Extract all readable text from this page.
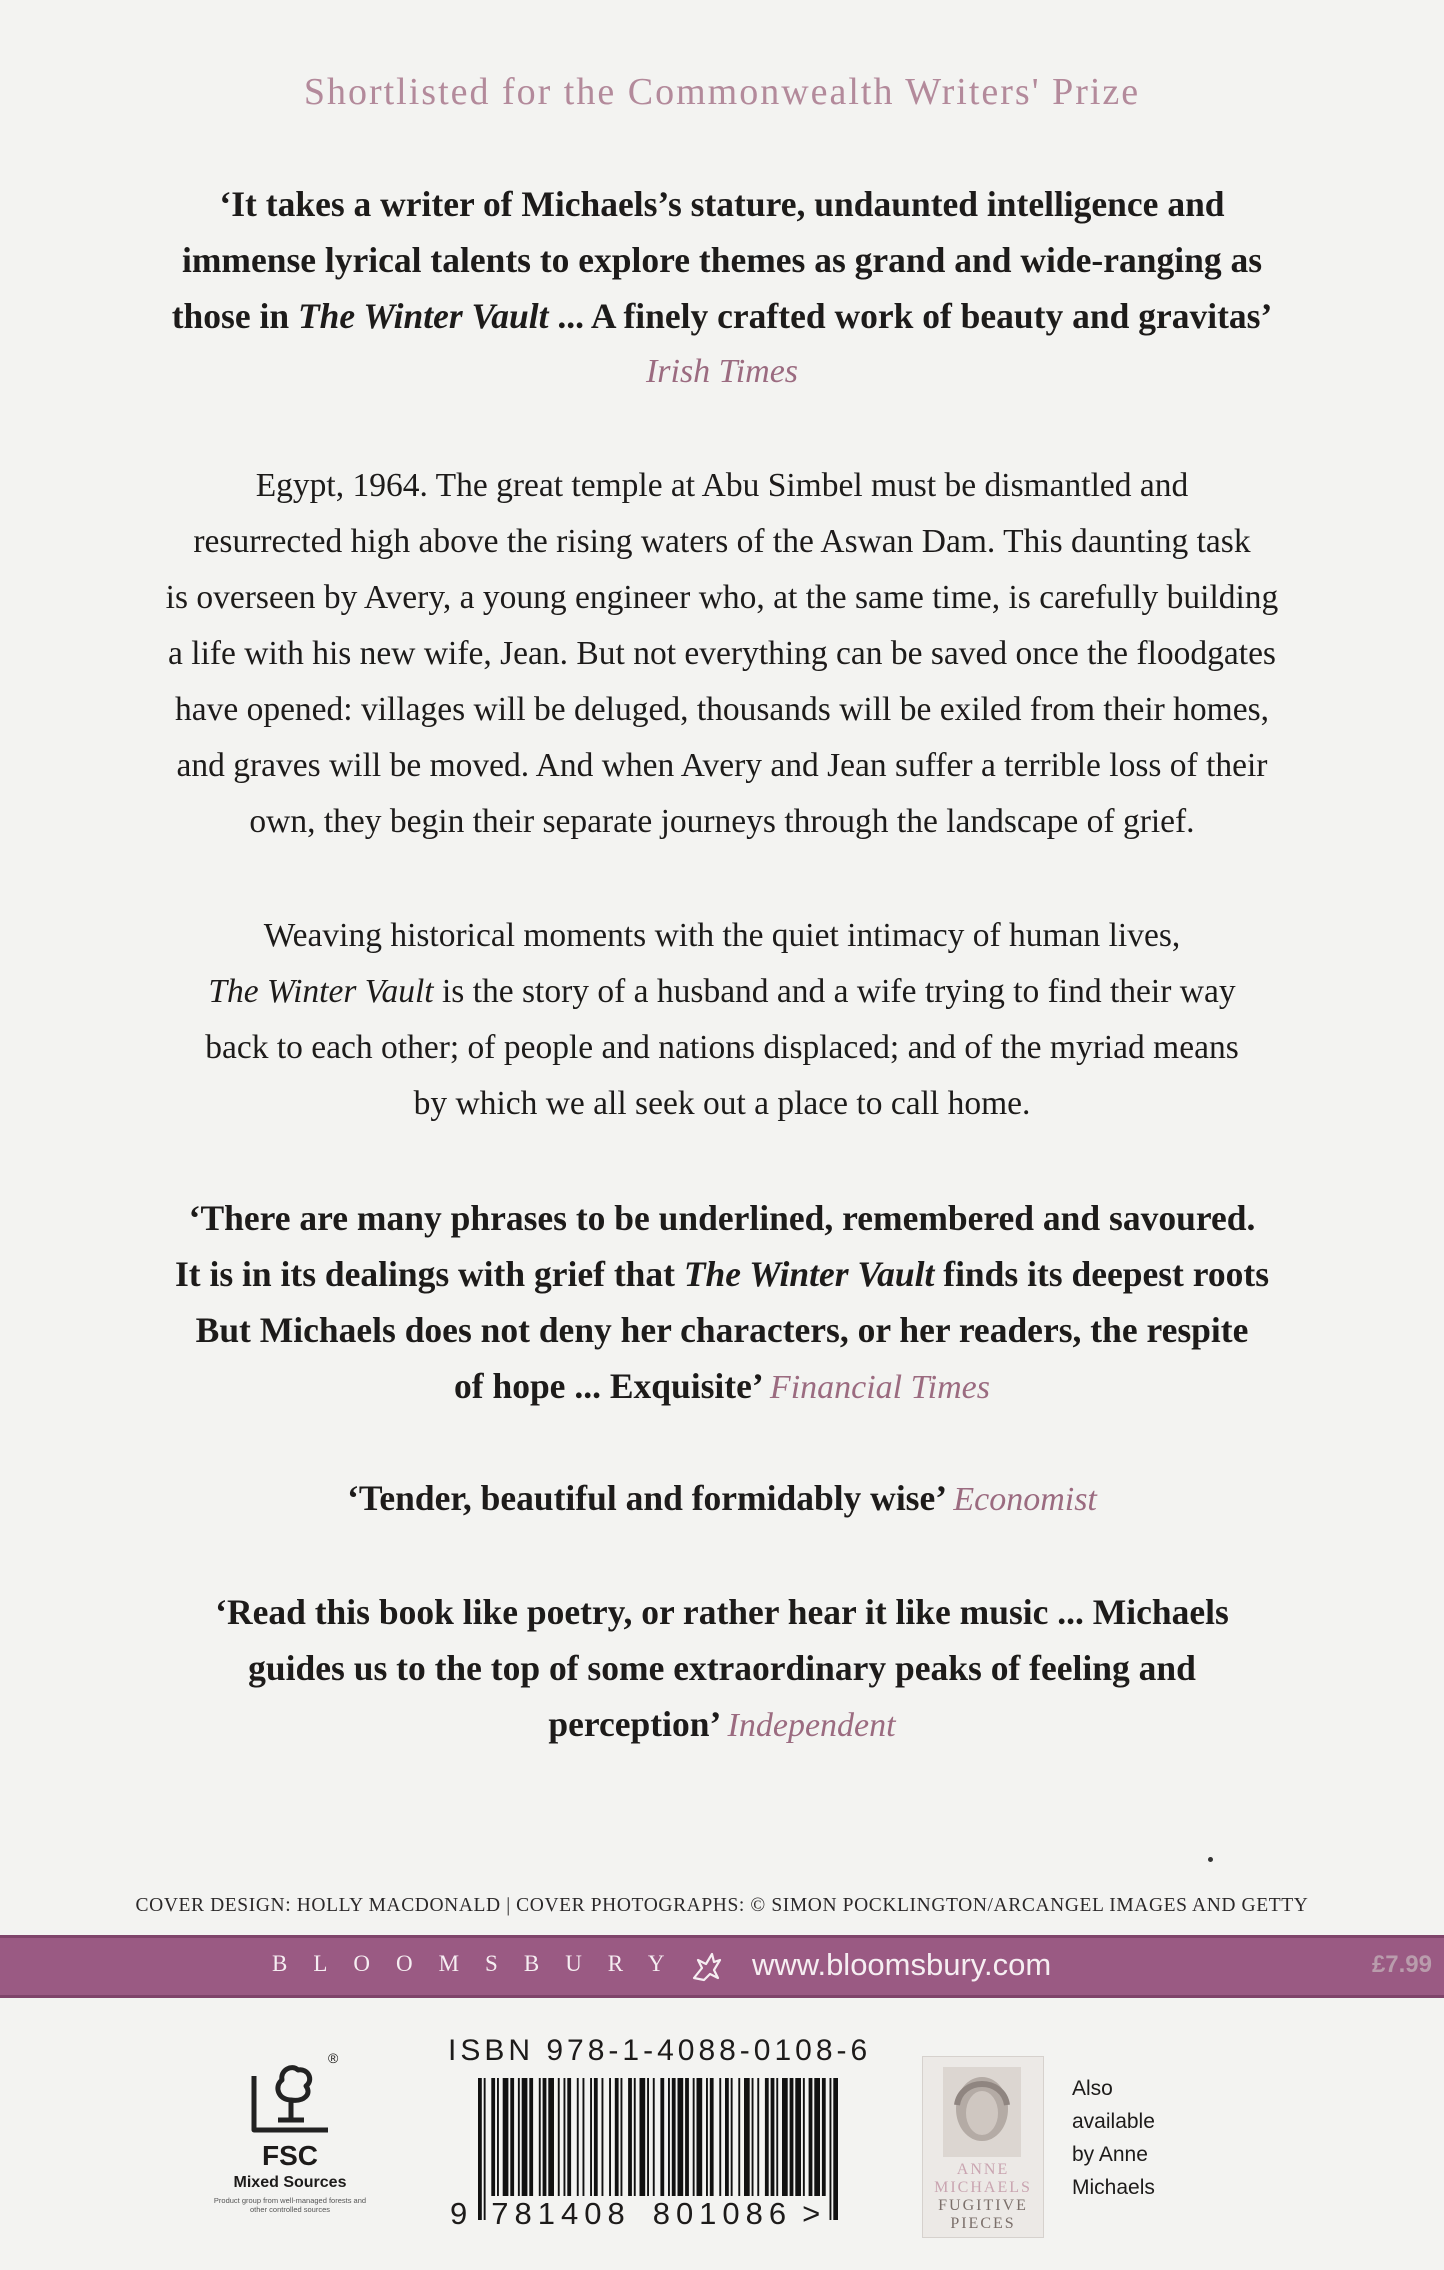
Shortlisted for the Commonwealth Writers' Prize
‘It takes a writer of Michaels’s stature, undaunted intelligence and
immense lyrical talents to explore themes as grand and wide-ranging as
those in The Winter Vault ... A finely crafted work of beauty and gravitas’
Irish Times
Egypt, 1964. The great temple at Abu Simbel must be dismantled and
resurrected high above the rising waters of the Aswan Dam. This daunting task
is overseen by Avery, a young engineer who, at the same time, is carefully building
a life with his new wife, Jean. But not everything can be saved once the floodgates
have opened: villages will be deluged, thousands will be exiled from their homes,
and graves will be moved. And when Avery and Jean suffer a terrible loss of their
own, they begin their separate journeys through the landscape of grief.
Weaving historical moments with the quiet intimacy of human lives,
The Winter Vault is the story of a husband and a wife trying to find their way
back to each other; of people and nations displaced; and of the myriad means
by which we all seek out a place to call home.
‘There are many phrases to be underlined, remembered and savoured.
It is in its dealings with grief that The Winter Vault finds its deepest roots
But Michaels does not deny her characters, or her readers, the respite
of hope ... Exquisite’ Financial Times
‘Tender, beautiful and formidably wise’ Economist
‘Read this book like poetry, or rather hear it like music ... Michaels
guides us to the top of some extraordinary peaks of feeling and
perception’ Independent
COVER DESIGN: HOLLY MACDONALD | COVER PHOTOGRAPHS: © SIMON POCKLINGTON/ARCANGEL IMAGES AND GETTY
BLOOMSBURY www.bloomsbury.com	£7.99
®
FSC
Mixed Sources
Product group from well-managed forests and other controlled sources
ISBN 978-1-4088-0108-6
9 781408 801086 >
ANNE
MICHAELS
FUGITIVE
PIECES
Also
available
by Anne
Michaels
